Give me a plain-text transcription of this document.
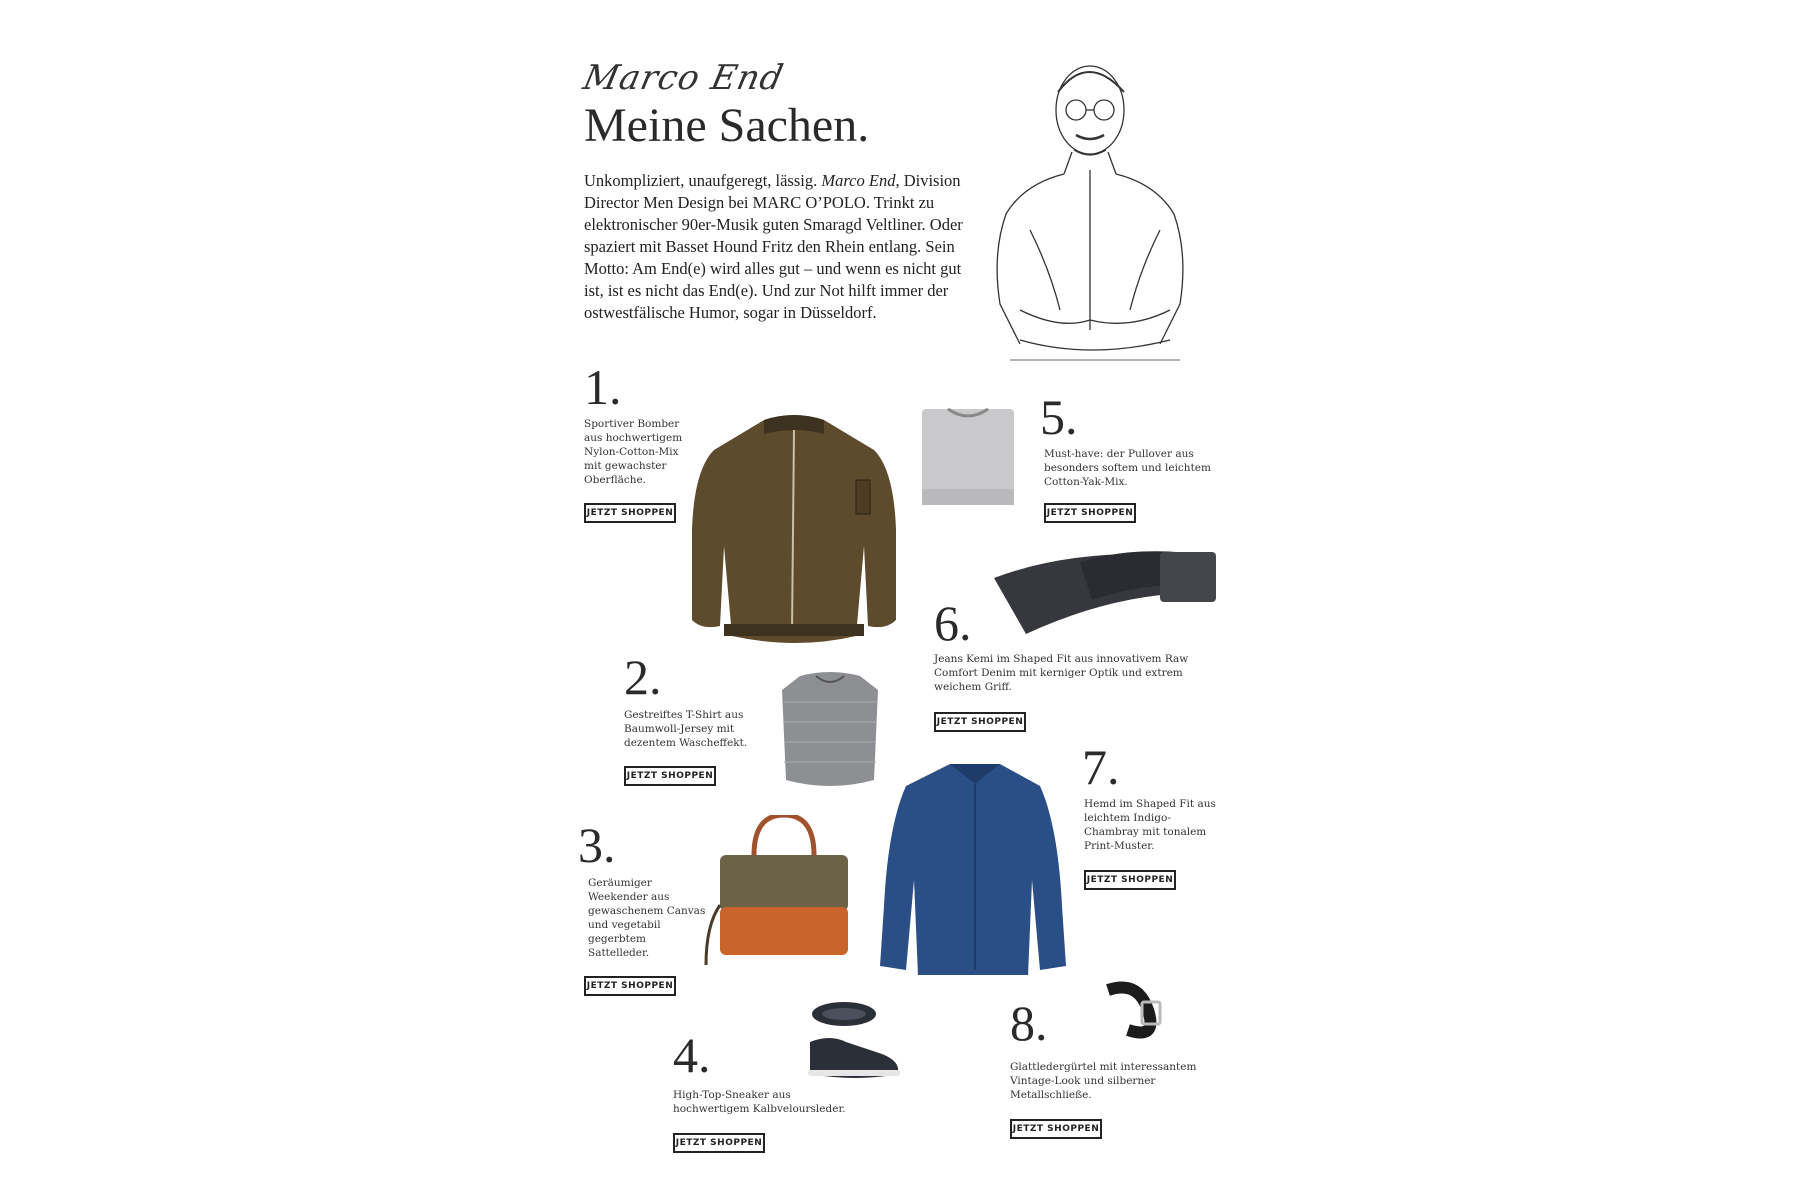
Marco End
Meine Sachen.
Unkompliziert, unaufgeregt, lässig. Marco End, Division Director Men Design bei MARC O’POLO. Trinkt zu elektronischer 90er-Musik guten Smaragd Veltliner. Oder spaziert mit Basset Hound Fritz den Rhein entlang. Sein Motto: Am End(e) wird alles gut – und wenn es nicht gut ist, ist es nicht das End(e). Und zur Not hilft immer der ostwestfälische Humor, sogar in Düsseldorf.
1.
Sportiver Bomber aus hochwertigem Nylon-Cotton-Mix mit gewachster Oberfläche.
JETZT SHOPPEN
2.
Gestreiftes T-Shirt aus Baumwoll-Jersey mit dezentem Wascheffekt.
JETZT SHOPPEN
3.
Geräumiger Weekender aus gewaschenem Canvas und vegetabil gegerbtem Sattelleder.
JETZT SHOPPEN
4.
High-Top-Sneaker aus hochwertigem Kalbveloursleder.
JETZT SHOPPEN
5.
Must-have: der Pullover aus besonders softem und leichtem Cotton-Yak-Mix.
JETZT SHOPPEN
6.
Jeans Kemi im Shaped Fit aus innovativem Raw Comfort Denim mit kerniger Optik und extrem weichem Griff.
JETZT SHOPPEN
7.
Hemd im Shaped Fit aus leichtem Indigo-Chambray mit tonalem Print-Muster.
JETZT SHOPPEN
8.
Glattledergürtel mit interessantem Vintage-Look und silberner Metallschließe.
JETZT SHOPPEN
